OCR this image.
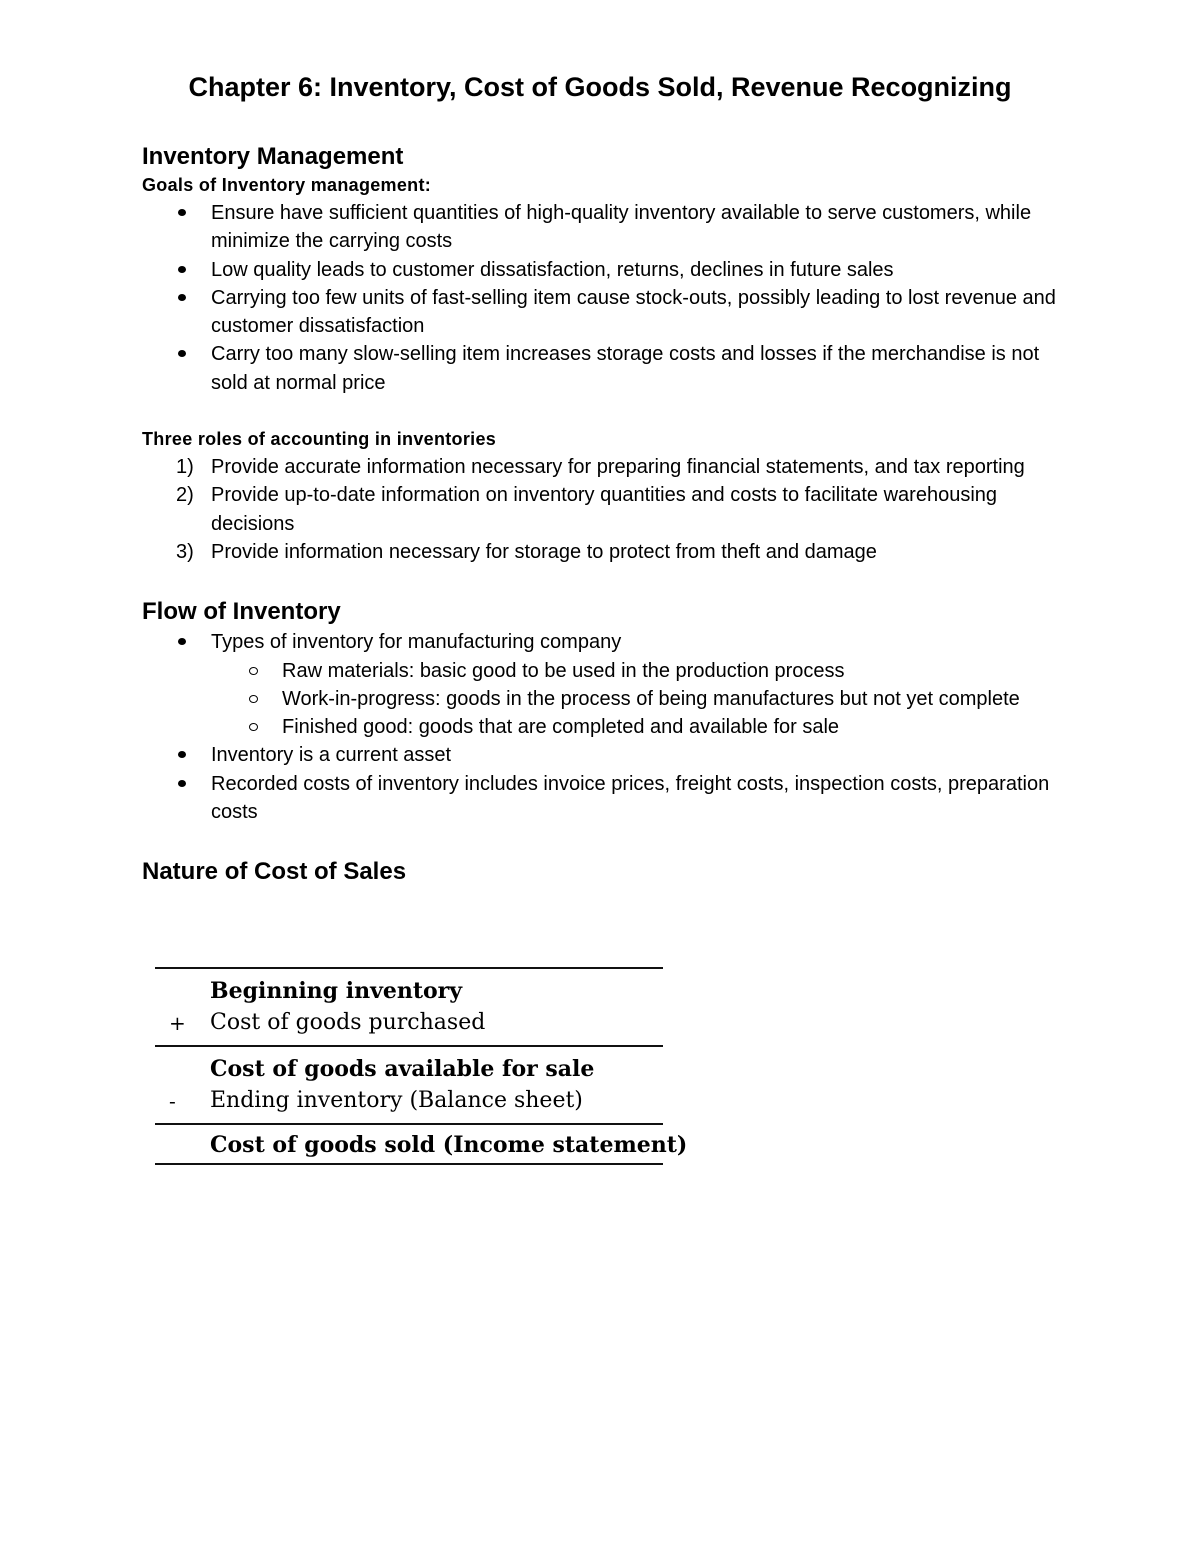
Chapter 6: Inventory, Cost of Goods Sold, Revenue Recognizing
Inventory Management
Goals of Inventory management:
Ensure have sufficient quantities of high-quality inventory available to serve customers, while minimize the carrying costs
Low quality leads to customer dissatisfaction, returns, declines in future sales
Carrying too few units of fast-selling item cause stock-outs, possibly leading to lost revenue and customer dissatisfaction
Carry too many slow-selling item increases storage costs and losses if the merchandise is not sold at normal price
Three roles of accounting in inventories
1) Provide accurate information necessary for preparing financial statements, and tax reporting
2) Provide up-to-date information on inventory quantities and costs to facilitate warehousing decisions
3) Provide information necessary for storage to protect from theft and damage
Flow of Inventory
Types of inventory for manufacturing company
Raw materials: basic good to be used in the production process
Work-in-progress: goods in the process of being manufactures but not yet complete
Finished good: goods that are completed and available for sale
Inventory is a current asset
Recorded costs of inventory includes invoice prices, freight costs, inspection costs, preparation costs
Nature of Cost of Sales
Beginning inventory
+ Cost of goods purchased
Cost of goods available for sale
- Ending inventory (Balance sheet)
Cost of goods sold (Income statement)
